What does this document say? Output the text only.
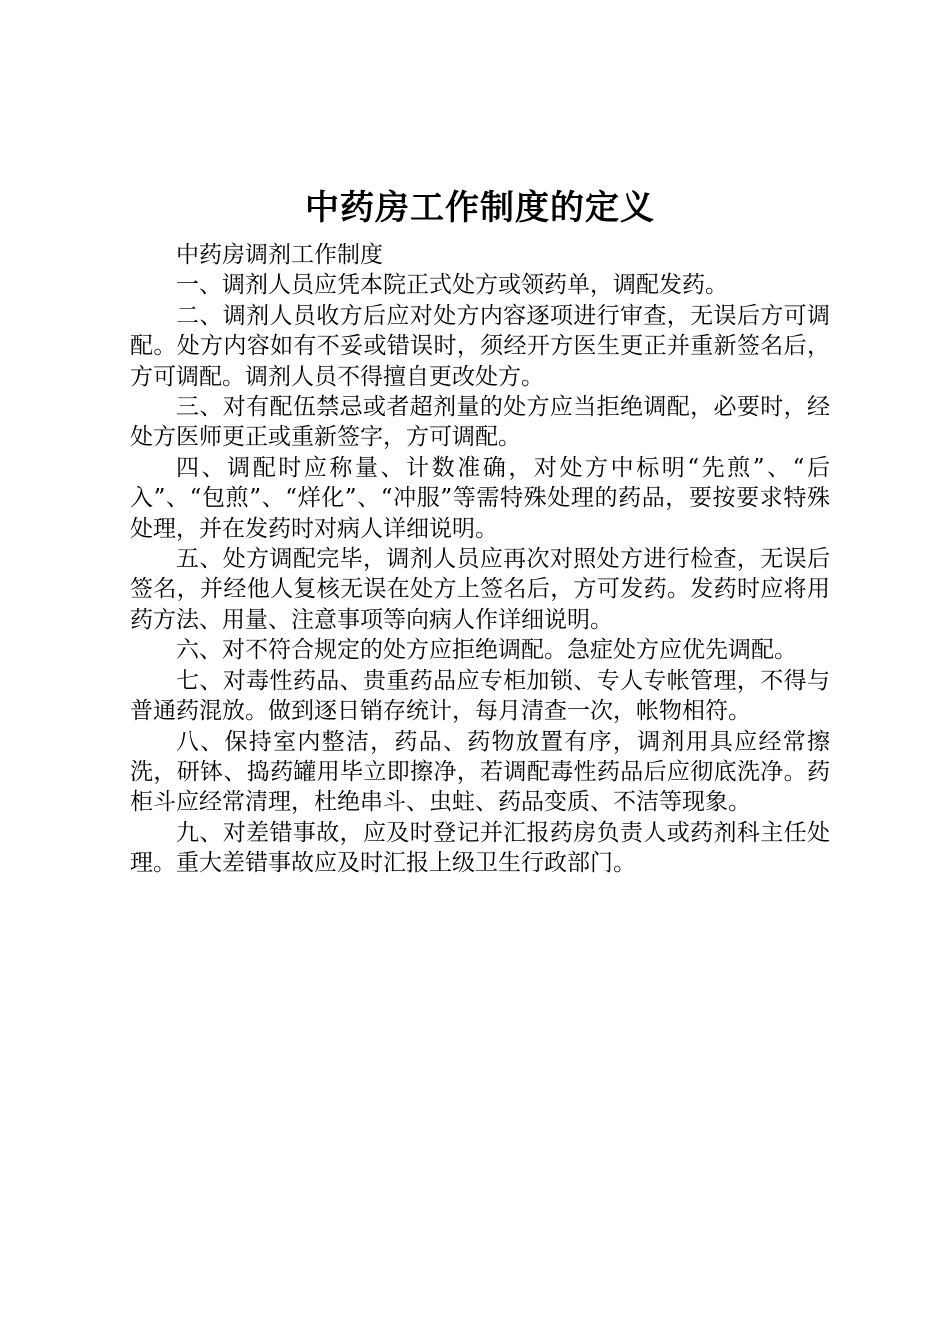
中药房工作制度的定义

中药房调剂工作制度

一、调剂人员应凭本院正式处方或领药单，调配发药。

二、调剂人员收方后应对处方内容逐项进行审查，无误后方可调配。处方内容如有不妥或错误时，须经开方医生更正并重新签名后，方可调配。调剂人员不得擅自更改处方。

三、对有配伍禁忌或者超剂量的处方应当拒绝调配，必要时，经处方医师更正或重新签字，方可调配。

四、调配时应称量、计数准确，对处方中标明“先煎”、“后入”、“包煎”、“烊化”、“冲服”等需特殊处理的药品，要按要求特殊处理，并在发药时对病人详细说明。

五、处方调配完毕，调剂人员应再次对照处方进行检查，无误后签名，并经他人复核无误在处方上签名后，方可发药。发药时应将用药方法、用量、注意事项等向病人作详细说明。

六、对不符合规定的处方应拒绝调配。急症处方应优先调配。

七、对毒性药品、贵重药品应专柜加锁、专人专帐管理，不得与普通药混放。做到逐日销存统计，每月清查一次，帐物相符。

八、保持室内整洁，药品、药物放置有序，调剂用具应经常擦洗，研钵、捣药罐用毕立即擦净，若调配毒性药品后应彻底洗净。药柜斗应经常清理，杜绝串斗、虫蛀、药品变质、不洁等现象。

九、对差错事故，应及时登记并汇报药房负责人或药剂科主任处理。重大差错事故应及时汇报上级卫生行政部门。
